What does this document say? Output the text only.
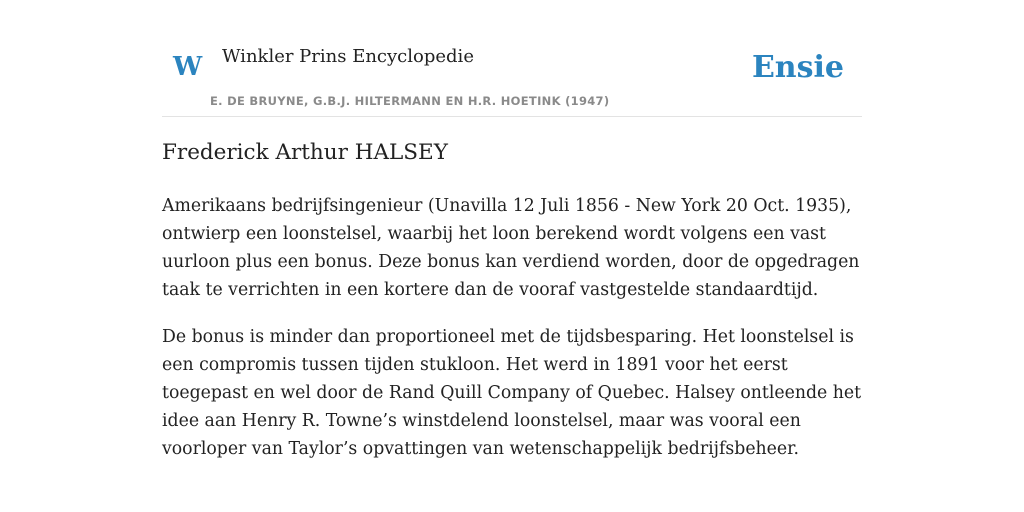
W Winkler Prins Encyclopedie
E. DE BRUYNE, G.B.J. HILTERMANN EN H.R. HOETINK (1947)
Ensie
Frederick Arthur HALSEY

Amerikaans bedrijfsingenieur (Unavilla 12 Juli 1856 - New York 20 Oct. 1935), ontwierp een loonstelsel, waarbij het loon berekend wordt volgens een vast uurloon plus een bonus. Deze bonus kan verdiend worden, door de opgedragen taak te verrichten in een kortere dan de vooraf vastgestelde standaardtijd.

De bonus is minder dan proportioneel met de tijdsbesparing. Het loonstelsel is een compromis tussen tijden stukloon. Het werd in 1891 voor het eerst toegepast en wel door de Rand Quill Company of Quebec. Halsey ontleende het idee aan Henry R. Towne’s winstdelend loonstelsel, maar was vooral een voorloper van Taylor’s opvattingen van wetenschappelijk bedrijfsbeheer.
